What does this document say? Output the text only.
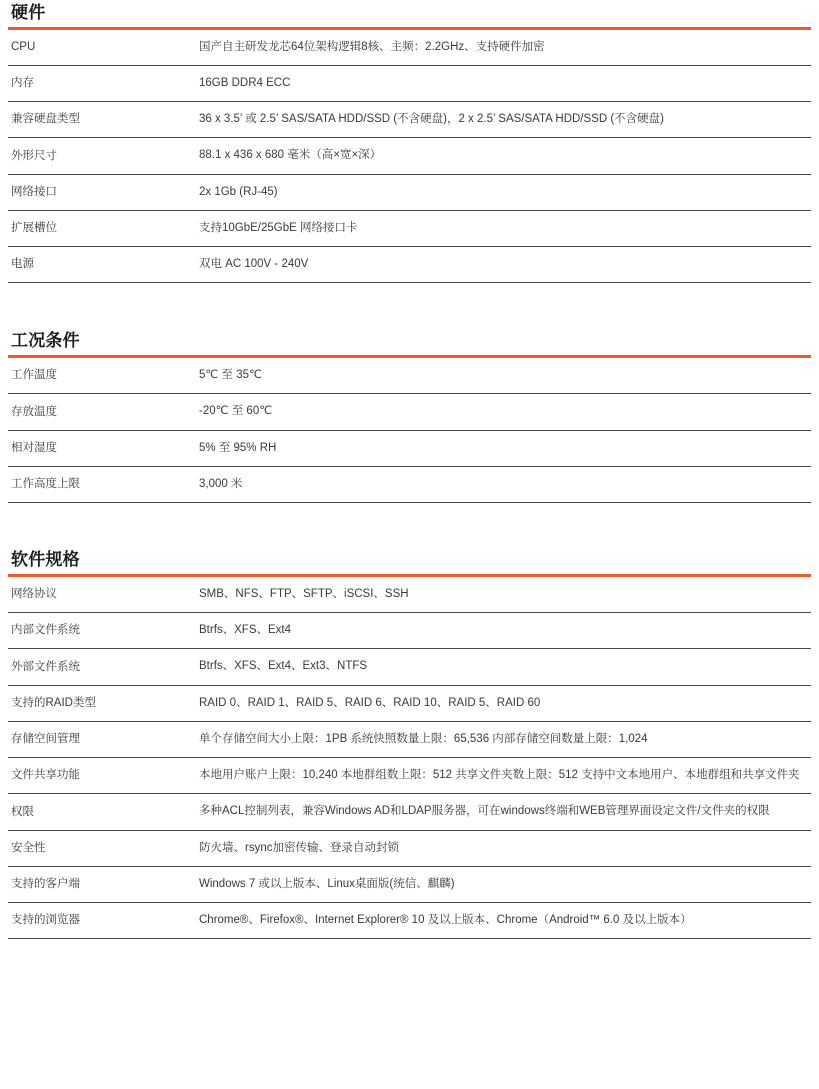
硬件
CPU	国产自主研发龙芯64位架构逻辑8核、主频：2.2GHz、支持硬件加密
内存	16GB DDR4 ECC
兼容硬盘类型	36 x 3.5’ 或 2.5’ SAS/SATA HDD/SSD (不含硬盘)，2 x 2.5’ SAS/SATA HDD/SSD (不含硬盘)
外形尺寸	88.1 x 436 x 680 毫米（高×宽×深）
网络接口	2x 1Gb (RJ-45)
扩展槽位	支持10GbE/25GbE 网络接口卡
电源	双电 AC 100V - 240V
工况条件
工作温度	5℃ 至 35℃
存放温度	-20℃ 至 60℃
相对湿度	5% 至 95% RH
工作高度上限	3,000 米
软件规格
网络协议	SMB、NFS、FTP、SFTP、iSCSI、SSH
内部文件系统	Btrfs、XFS、Ext4
外部文件系统	Btrfs、XFS、Ext4、Ext3、NTFS
支持的RAID类型	RAID 0、RAID 1、RAID 5、RAID 6、RAID 10、RAID 5、RAID 60
存储空间管理	单个存储空间大小上限：1PB 系统快照数量上限：65,536 内部存储空间数量上限：1,024
文件共享功能	本地用户账户上限：10,240 本地群组数上限：512 共享文件夹数上限：512 支持中文本地用户、本地群组和共享文件夹
权限	多种ACL控制列表，兼容Windows AD和LDAP服务器，可在windows终端和WEB管理界面设定文件/文件夹的权限
安全性	防火墙、rsync加密传输、登录自动封锁
支持的客户端	Windows 7 或以上版本、Linux桌面版(统信、麒麟)
支持的浏览器	Chrome®、Firefox®、Internet Explorer® 10 及以上版本、Chrome（Android™ 6.0 及以上版本）
